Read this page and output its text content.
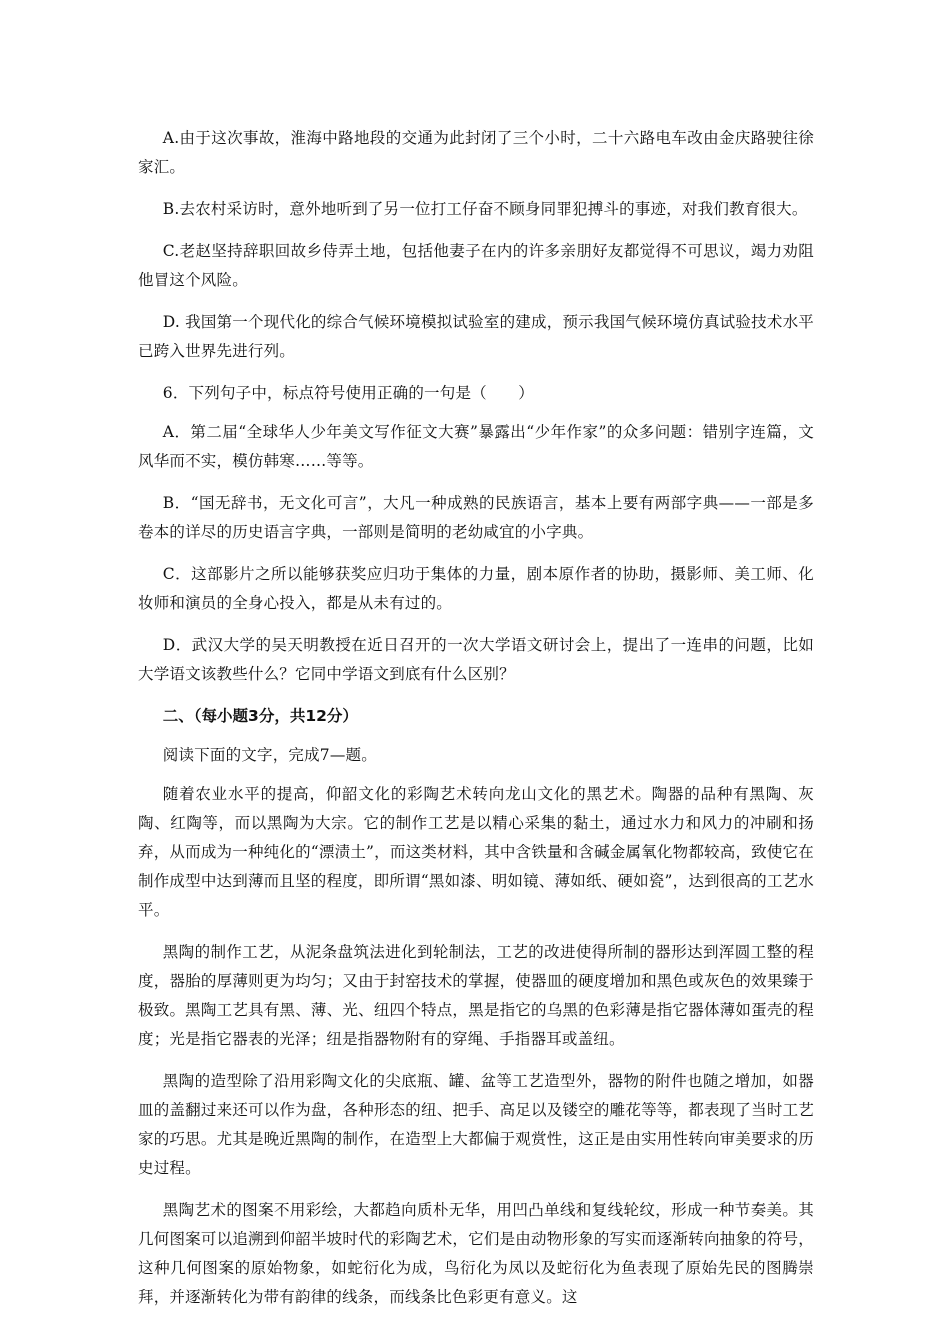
A.由于这次事故，淮海中路地段的交通为此封闭了三个小时，二十六路电车改由金庆路驶往徐家汇。

B.去农村采访时，意外地听到了另一位打工仔奋不顾身同罪犯搏斗的事迹，对我们教育很大。

C.老赵坚持辞职回故乡侍弄土地，包括他妻子在内的许多亲朋好友都觉得不可思议，竭力劝阻他冒这个风险。

D. 我国第一个现代化的综合气候环境模拟试验室的建成，预示我国气候环境仿真试验技术水平已跨入世界先进行列。

6．下列句子中，标点符号使用正确的一句是（　　）

A．第二届“全球华人少年美文写作征文大赛”暴露出“少年作家”的众多问题：错别字连篇，文风华而不实，模仿韩寒……等等。

B．“国无辞书，无文化可言”，大凡一种成熟的民族语言，基本上要有两部字典——一部是多卷本的详尽的历史语言字典，一部则是简明的老幼咸宜的小字典。

C．这部影片之所以能够获奖应归功于集体的力量，剧本原作者的协助，摄影师、美工师、化妆师和演员的全身心投入，都是从未有过的。

D．武汉大学的吴天明教授在近日召开的一次大学语文研讨会上，提出了一连串的问题，比如大学语文该教些什么？它同中学语文到底有什么区别？

二、（每小题3分，共12分）

阅读下面的文字，完成7—题。

随着农业水平的提高，仰韶文化的彩陶艺术转向龙山文化的黑艺术。陶器的品种有黑陶、灰陶、红陶等，而以黑陶为大宗。它的制作工艺是以精心采集的黏土，通过水力和风力的冲刷和扬弃，从而成为一种纯化的“漂渍土”，而这类材料，其中含铁量和含碱金属氧化物都较高，致使它在制作成型中达到薄而且坚的程度，即所谓“黑如漆、明如镜、薄如纸、硬如瓷”，达到很高的工艺水平。

黑陶的制作工艺，从泥条盘筑法进化到轮制法，工艺的改进使得所制的器形达到浑圆工整的程度，器胎的厚薄则更为均匀；又由于封窑技术的掌握，使器皿的硬度增加和黑色或灰色的效果臻于极致。黑陶工艺具有黑、薄、光、纽四个特点，黑是指它的乌黑的色彩薄是指它器体薄如蛋壳的程度；光是指它器表的光泽；纽是指器物附有的穿绳、手指器耳或盖纽。

黑陶的造型除了沿用彩陶文化的尖底瓶、罐、盆等工艺造型外，器物的附件也随之增加，如器皿的盖翻过来还可以作为盘，各种形态的纽、把手、高足以及镂空的雕花等等，都表现了当时工艺家的巧思。尤其是晚近黑陶的制作，在造型上大都偏于观赏性，这正是由实用性转向审美要求的历史过程。

黑陶艺术的图案不用彩绘，大都趋向质朴无华，用凹凸单线和复线轮纹，形成一种节奏美。其几何图案可以追溯到仰韶半坡时代的彩陶艺术，它们是由动物形象的写实而逐渐转向抽象的符号，这种几何图案的原始物象，如蛇衍化为成，鸟衍化为凤以及蛇衍化为鱼表现了原始先民的图腾崇拜，并逐渐转化为带有韵律的线条，而线条比色彩更有意义。这
